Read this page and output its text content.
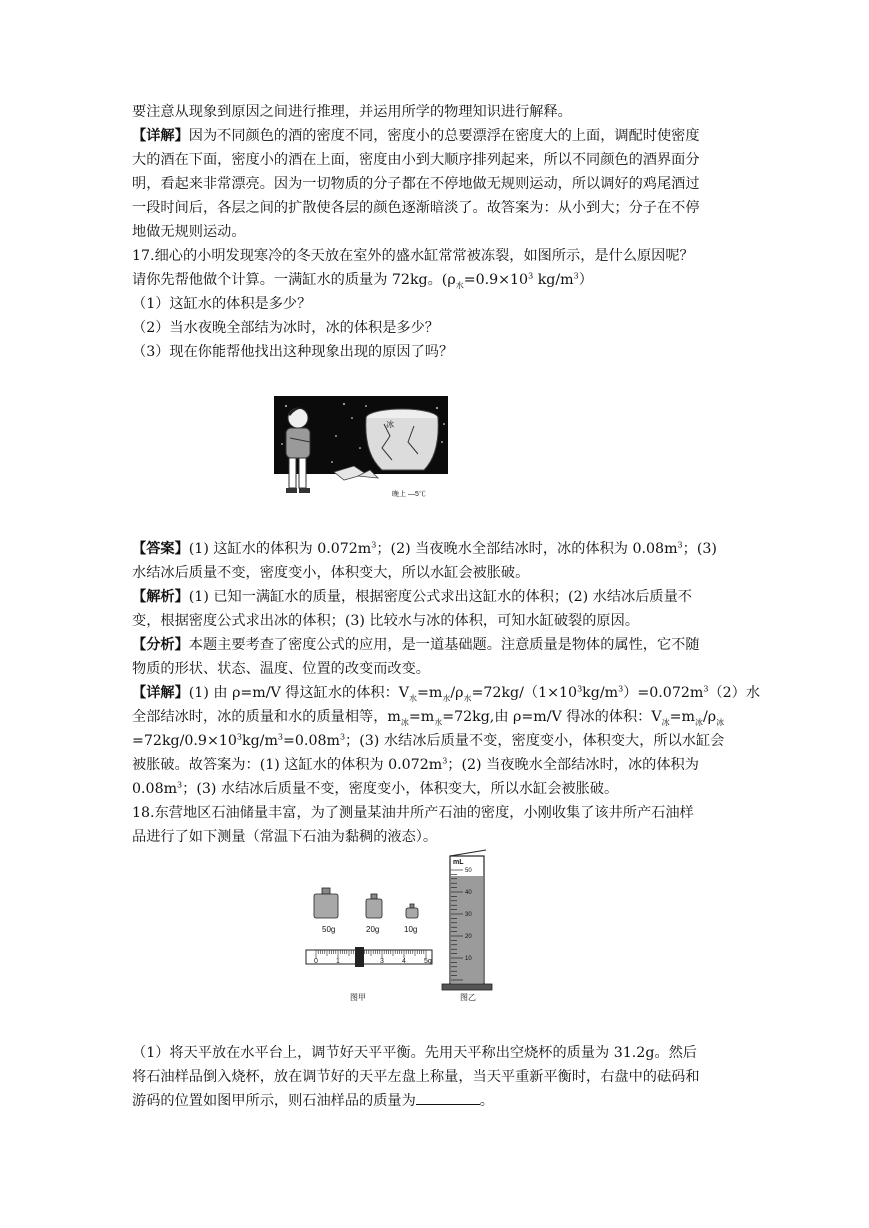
要注意从现象到原因之间进行推理，并运用所学的物理知识进行解释。
【详解】因为不同颜色的酒的密度不同，密度小的总要漂浮在密度大的上面，调配时使密度
大的酒在下面，密度小的酒在上面，密度由小到大顺序排列起来，所以不同颜色的酒界面分
明，看起来非常漂亮。因为一切物质的分子都在不停地做无规则运动，所以调好的鸡尾酒过
一段时间后，各层之间的扩散使各层的颜色逐渐暗淡了。故答案为：从小到大；分子在不停
地做无规则运动。
17.细心的小明发现寒冷的冬天放在室外的盛水缸常常被冻裂，如图所示，是什么原因呢？
请你先帮他做个计算。一满缸水的质量为 72kg。($\rho_水=0.9\times 10^3$ $kg/m^3$）
（1）这缸水的体积是多少？
（2）当水夜晚全部结为冰时，冰的体积是多少？
（3）现在你能帮他找出这种现象出现的原因了吗？
冰
晚上 —5℃
【答案】(1) 这缸水的体积为 $0.072m^3$；(2) 当夜晚水全部结冰时，冰的体积为 $0.08m^3$；(3)
水结冰后质量不变，密度变小，体积变大，所以水缸会被胀破。
【解析】(1) 已知一满缸水的质量，根据密度公式求出这缸水的体积；(2) 水结冰后质量不
变，根据密度公式求出冰的体积；(3) 比较水与冰的体积，可知水缸破裂的原因。
【分析】本题主要考查了密度公式的应用，是一道基础题。注意质量是物体的属性，它不随
物质的形状、状态、温度、位置的改变而改变。
【详解】(1) 由 ρ=m/V 得这缸水的体积：$V_水=m_水/\rho_水=72kg/(1\times 10^3kg/m^3)=0.072m^3(2)$水
全部结冰时，冰的质量和水的质量相等，$m_冰=m_水=72kg$,由 ρ=m/V 得冰的体积：$V_冰=m_冰/\rho_冰$
$=72kg/0.9\times 10^3kg/m^3=0.08m^3$；(3) 水结冰后质量不变，密度变小，体积变大，所以水缸会
被胀破。故答案为：(1) 这缸水的体积为 $0.072m^3$；(2) 当夜晚水全部结冰时，冰的体积为
$0.08m^3$；(3) 水结冰后质量不变，密度变小，体积变大，所以水缸会被胀破。
18.东营地区石油储量丰富，为了测量某油井所产石油的密度，小刚收集了该井所产石油样
品进行了如下测量（常温下石油为黏稠的液态）。
50g	20g	10g
0	1	3	4	5g
图甲
mL
50
40
30
20
10
图乙
（1）将天平放在水平台上，调节好天平平衡。先用天平称出空烧杯的质量为 31.2g。然后
将石油样品倒入烧杯，放在调节好的天平左盘上称量，当天平重新平衡时，右盘中的砝码和
游码的位置如图甲所示，则石油样品的质量为	。
